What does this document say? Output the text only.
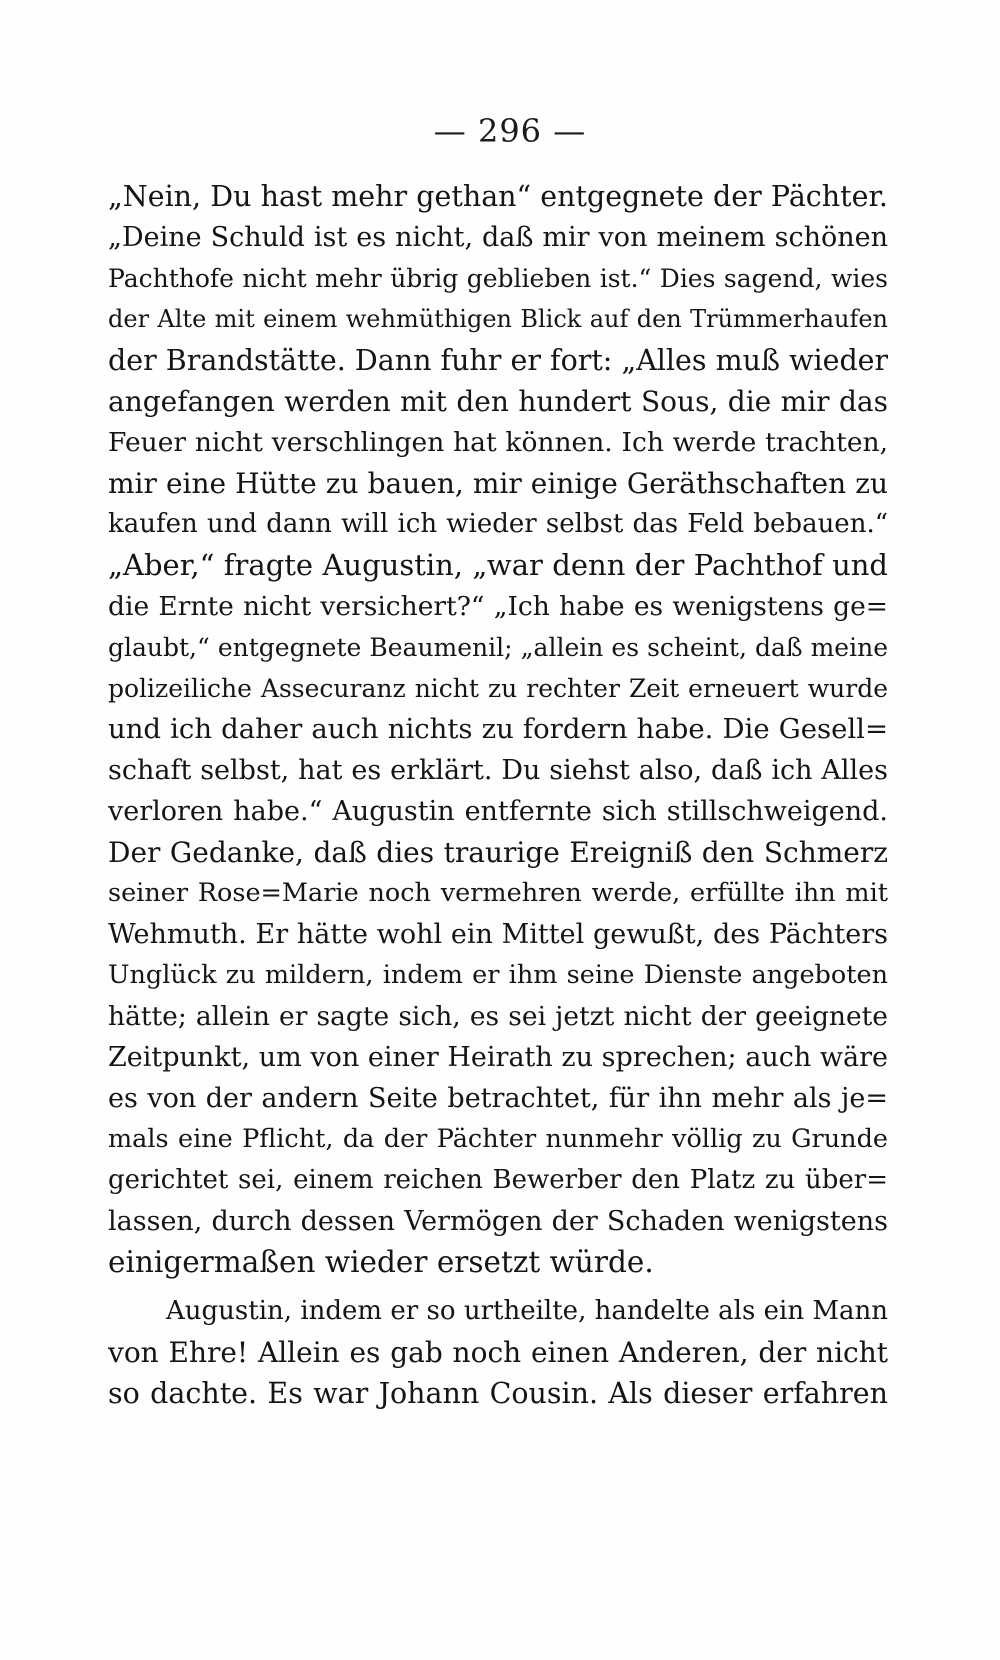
— 296 —
„Nein, Du hast mehr gethan“ entgegnete der Pächter.
„Deine Schuld ist es nicht, daß mir von meinem schönen
Pachthofe nicht mehr übrig geblieben ist.“ Dies sagend, wies
der Alte mit einem wehmüthigen Blick auf den Trümmerhaufen
der Brandstätte. Dann fuhr er fort: „Alles muß wieder
angefangen werden mit den hundert Sous, die mir das
Feuer nicht verschlingen hat können. Ich werde trachten,
mir eine Hütte zu bauen, mir einige Geräthschaften zu
kaufen und dann will ich wieder selbst das Feld bebauen.“
„Aber,“ fragte Augustin, „war denn der Pachthof und
die Ernte nicht versichert?“ „Ich habe es wenigstens ge=
glaubt,“ entgegnete Beaumenil; „allein es scheint, daß meine
polizeiliche Assecuranz nicht zu rechter Zeit erneuert wurde
und ich daher auch nichts zu fordern habe. Die Gesell=
schaft selbst, hat es erklärt. Du siehst also, daß ich Alles
verloren habe.“ Augustin entfernte sich stillschweigend.
Der Gedanke, daß dies traurige Ereigniß den Schmerz
seiner Rose=Marie noch vermehren werde, erfüllte ihn mit
Wehmuth. Er hätte wohl ein Mittel gewußt, des Pächters
Unglück zu mildern, indem er ihm seine Dienste angeboten
hätte; allein er sagte sich, es sei jetzt nicht der geeignete
Zeitpunkt, um von einer Heirath zu sprechen; auch wäre
es von der andern Seite betrachtet, für ihn mehr als je=
mals eine Pflicht, da der Pächter nunmehr völlig zu Grunde
gerichtet sei, einem reichen Bewerber den Platz zu über=
lassen, durch dessen Vermögen der Schaden wenigstens
einigermaßen wieder ersetzt würde.
Augustin, indem er so urtheilte, handelte als ein Mann
von Ehre! Allein es gab noch einen Anderen, der nicht
so dachte. Es war Johann Cousin. Als dieser erfahren
